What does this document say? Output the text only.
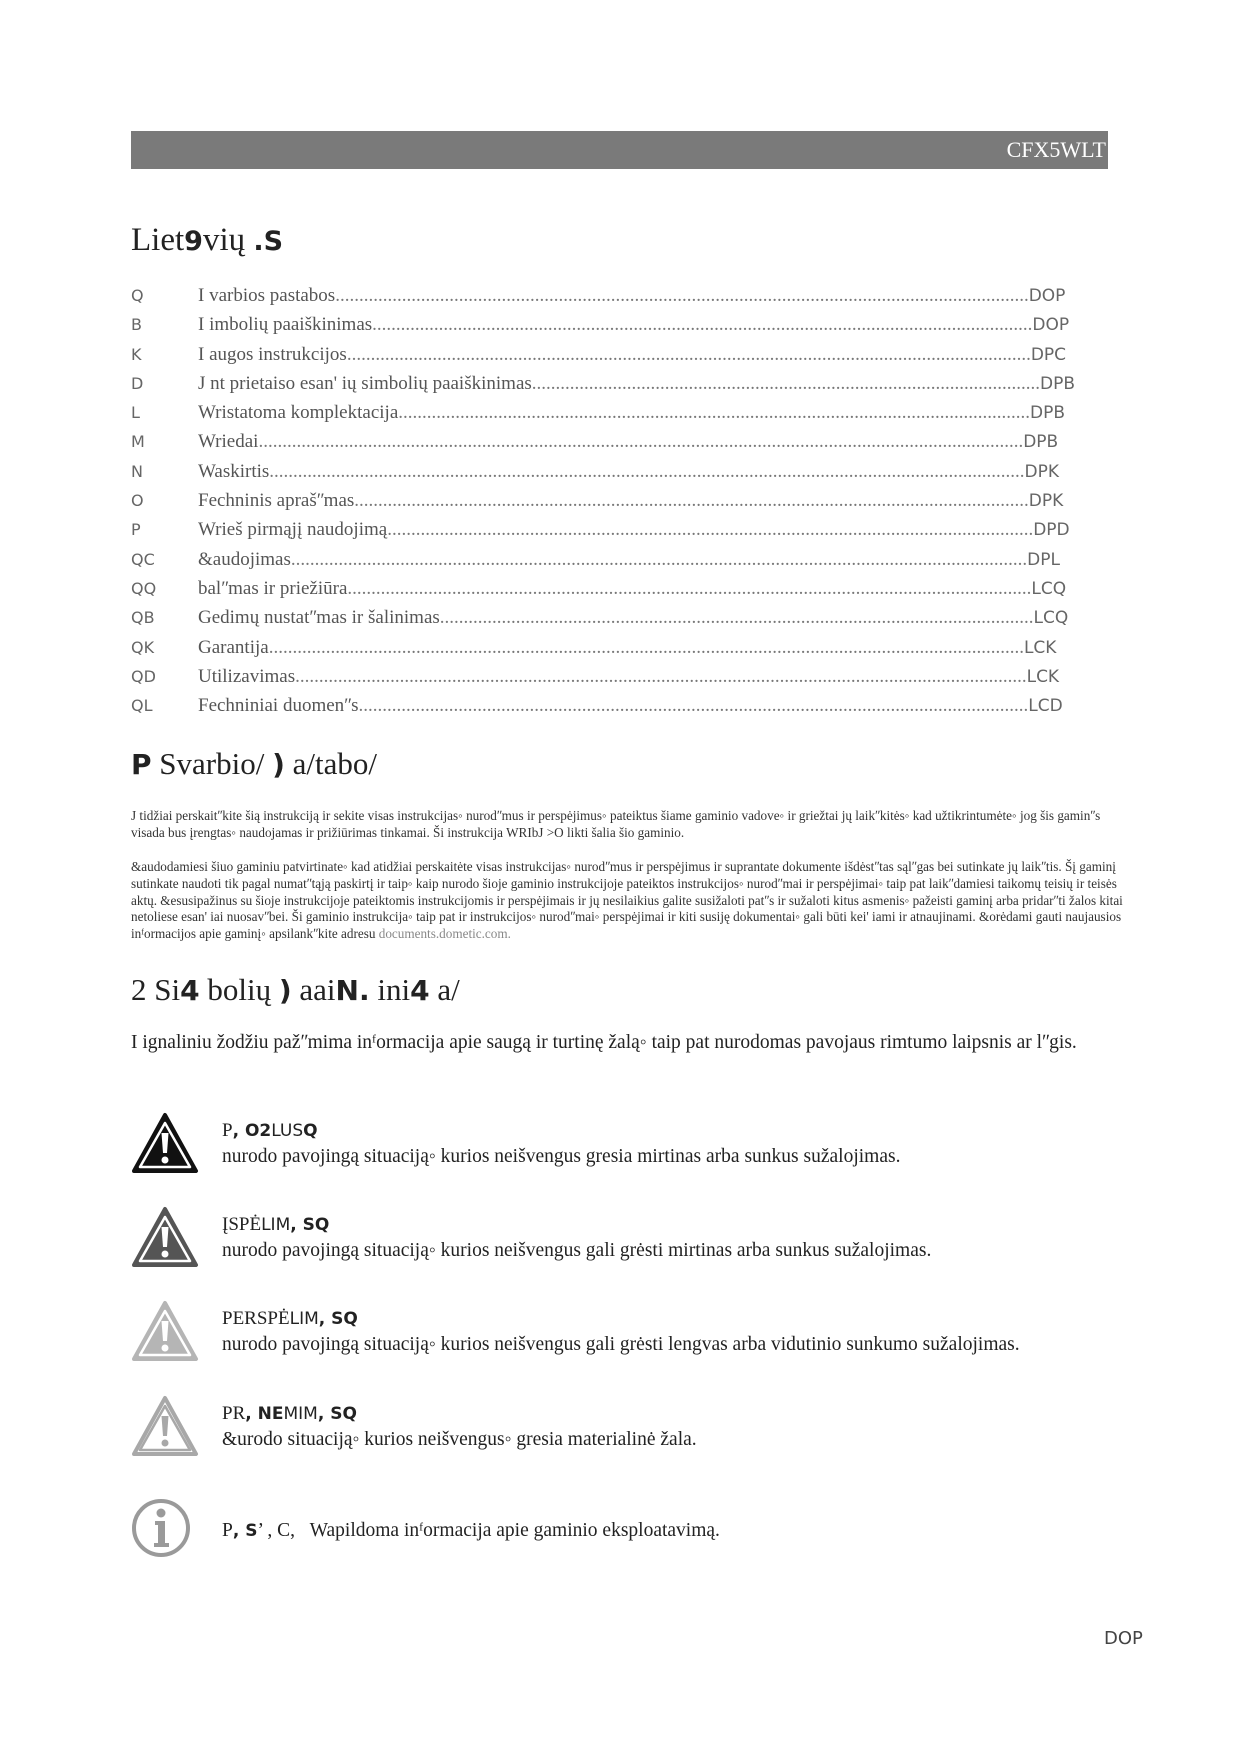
CFX5WLT
Liet9vių .S
Q	I varbios pastabos..................................................................................................................................................DOP
B	I imbolių paaiškinimas...........................................................................................................................................DOP
K	I augos instrukcijos................................................................................................................................................DPC
D	J nt prietaiso esan' ių simbolių paaiškinimas...........................................................................................................DPB
L	Wristatoma komplektacija.....................................................................................................................................DPB
M	Wriedai.................................................................................................................................................................DPB
N	Waskirtis...............................................................................................................................................................DPK
O	Fechninis aprašʺmas..............................................................................................................................................DPK
P	Wrieš pirmąjį naudojimą........................................................................................................................................DPD
QC &audojimas...........................................................................................................................................................DPL
QQ balʺmas ir priežiūra................................................................................................................................................LCQ
QB Gedimų nustatʺmas ir šalinimas.............................................................................................................................LCQ
QK Garantija...............................................................................................................................................................LCK
QD Utilizavimas..........................................................................................................................................................LCK
QL Fechniniai duomenʺs.............................................................................................................................................LCD
P Svarbio/ ) a/tabo/
J tidžiai perskaitʺkite šią instrukciją ir sekite visas instrukcijas◦ nurodʺmus ir perspėjimus◦ pateiktus šiame gaminio vadove◦ ir griežtai jų laikʺkitės◦ kad užtikrintumėte◦ jog šis gaminʺs visada bus įrengtas◦ naudojamas ir prižiūrimas tinkamai. Ši instrukcija WRIbJ >O likti šalia šio gaminio.
&audodamiesi šiuo gaminiu patvirtinate◦ kad atidžiai perskaitėte visas instrukcijas◦ nurodʺmus ir perspėjimus ir suprantate dokumente išdėstʺtas sąlʺgas bei sutinkate jų laikʺtis. Šį gaminį sutinkate naudoti tik pagal numatʺtąją paskirtį ir taip◦ kaip nurodo šioje gaminio instrukcijoje pateiktos instrukcijos◦ nurodʺmai ir perspėjimai◦ taip pat laikʺdamiesi taikomų teisių ir teisės aktų. &esusipažinus su šioje instrukcijoje pateiktomis instrukcijomis ir perspėjimais ir jų nesilaikius galite susižaloti patʺs ir sužaloti kitus asmenis◦ pažeisti gaminį arba pridarʺti žalos kitai netoliese esan' iai nuosavʺbei. Ši gaminio instrukcija◦ taip pat ir instrukcijos◦ nurodʺmai◦ perspėjimai ir kiti susiję dokumentai◦ gali būti kei' iami ir atnaujinami. &orėdami gauti naujausios inᶠormacijos apie gaminį◦ apsilankʺkite adresu documents.dometic.com.
2 Si4 bolių ) aaiN. ini4 a/
I ignaliniu žodžiu pažʺmima inᶠormacija apie saugą ir turtinę žalą◦ taip pat nurodomas pavojaus rimtumo laipsnis ar lʺgis.
P, O2LUSQ
nurodo pavojingą situaciją◦ kurios neišvengus gresia mirtinas arba sunkus sužalojimas.
ĮSPĖLIM, SQ
nurodo pavojingą situaciją◦ kurios neišvengus gali grėsti mirtinas arba sunkus sužalojimas.
PERSPĖLIM, SQ
nurodo pavojingą situaciją◦ kurios neišvengus gali grėsti lengvas arba vidutinio sunkumo sužalojimas.
PR, NEMIM, SQ
&urodo situaciją◦ kurios neišvengus◦ gresia materialinė žala.
P, S’ , C, Wapildoma inᶠormacija apie gaminio eksploatavimą.
DOP
